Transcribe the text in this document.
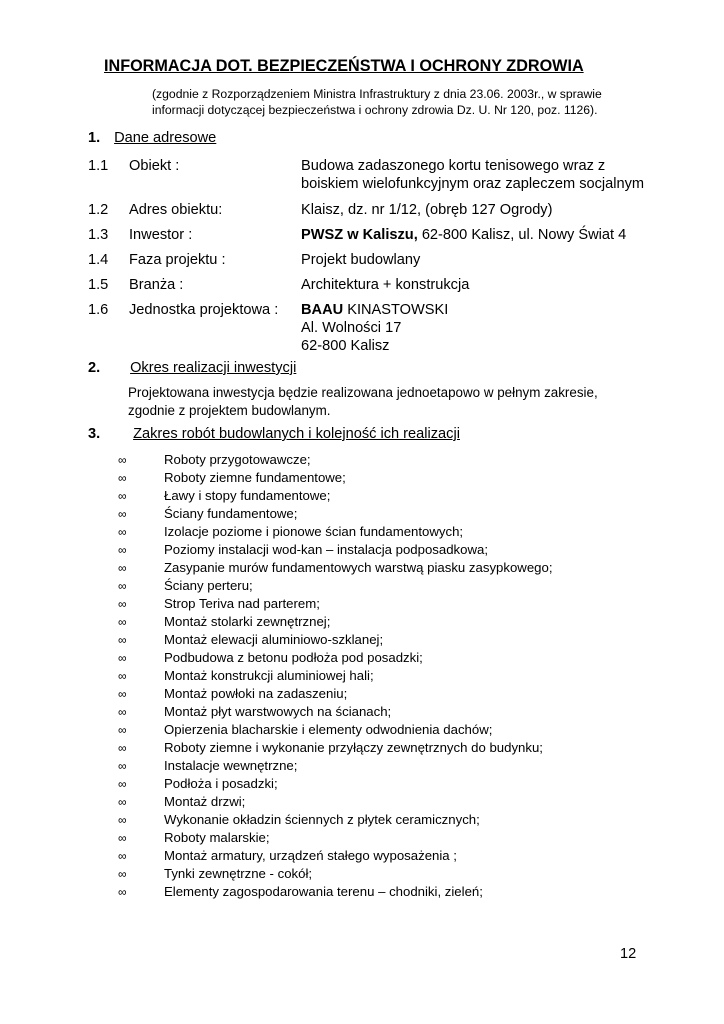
INFORMACJA DOT. BEZPIECZEŃSTWA I OCHRONY ZDROWIA
(zgodnie z Rozporządzeniem Ministra Infrastruktury z dnia 23.06. 2003r., w sprawie informacji dotyczącej bezpieczeństwa i ochrony zdrowia Dz. U. Nr 120, poz. 1126).
1. Dane adresowe
1.1 Obiekt :	Budowa zadaszonego kortu tenisowego wraz z
boiskiem wielofunkcyjnym oraz zapleczem socjalnym
1.2 Adres obiektu:	Klaisz, dz. nr 1/12, (obręb 127 Ogrody)
1.3 Inwestor :	PWSZ w Kaliszu, 62-800 Kalisz, ul. Nowy Świat 4
1.4 Faza projektu :	Projekt budowlany
1.5 Branża :	Architektura + konstrukcja
1.6 Jednostka projektowa : BAAU KINASTOWSKI
Al. Wolności 17
62-800 Kalisz
2. Okres realizacji inwestycji
Projektowana inwestycja będzie realizowana jednoetapowo w pełnym zakresie, zgodnie z projektem budowlanym.
3. Zakres robót budowlanych i kolejność ich realizacji
∞	Roboty przygotowawcze;
∞	Roboty ziemne fundamentowe;
∞	Ławy i stopy fundamentowe;
∞	Ściany fundamentowe;
∞	Izolacje poziome i pionowe ścian fundamentowych;
∞	Poziomy instalacji wod-kan – instalacja podposadkowa;
∞	Zasypanie murów fundamentowych warstwą piasku zasypkowego;
∞	Ściany perteru;
∞	Strop Teriva nad parterem;
∞	Montaż stolarki zewnętrznej;
∞	Montaż elewacji aluminiowo-szklanej;
∞	Podbudowa z betonu podłoża pod posadzki;
∞	Montaż konstrukcji aluminiowej hali;
∞	Montaż powłoki na zadaszeniu;
∞	Montaż płyt warstwowych na ścianach;
∞	Opierzenia blacharskie i elementy odwodnienia dachów;
∞	Roboty ziemne i wykonanie przyłączy zewnętrznych do budynku;
∞	Instalacje wewnętrzne;
∞	Podłoża i posadzki;
∞	Montaż drzwi;
∞	Wykonanie okładzin ściennych z płytek ceramicznych;
∞	Roboty malarskie;
∞	Montaż armatury, urządzeń stałego wyposażenia ;
∞	Tynki zewnętrzne - cokół;
∞	Elementy zagospodarowania terenu – chodniki, zieleń;
12
